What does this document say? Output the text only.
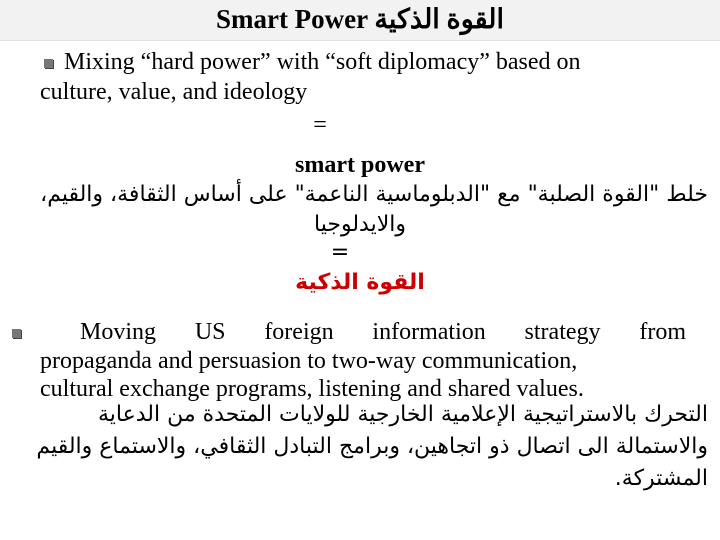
Smart Power القوة الذكية
Mixing “hard power” with “soft diplomacy” based on
culture, value, and ideology
=
smart power
خلط "القوة الصلبة" مع "الدبلوماسية الناعمة" على أساس الثقافة، والقيم،
والايدلوجيا
=
القوة الذكية
Moving US foreign information strategy from
propaganda and persuasion to two-way communication,
cultural exchange programs, listening and shared values.
التحرك بالاستراتيجية الإعلامية الخارجية للولايات المتحدة من الدعاية
والاستمالة الى اتصال ذو اتجاهين، وبرامج التبادل الثقافي، والاستماع والقيم
المشتركة.
